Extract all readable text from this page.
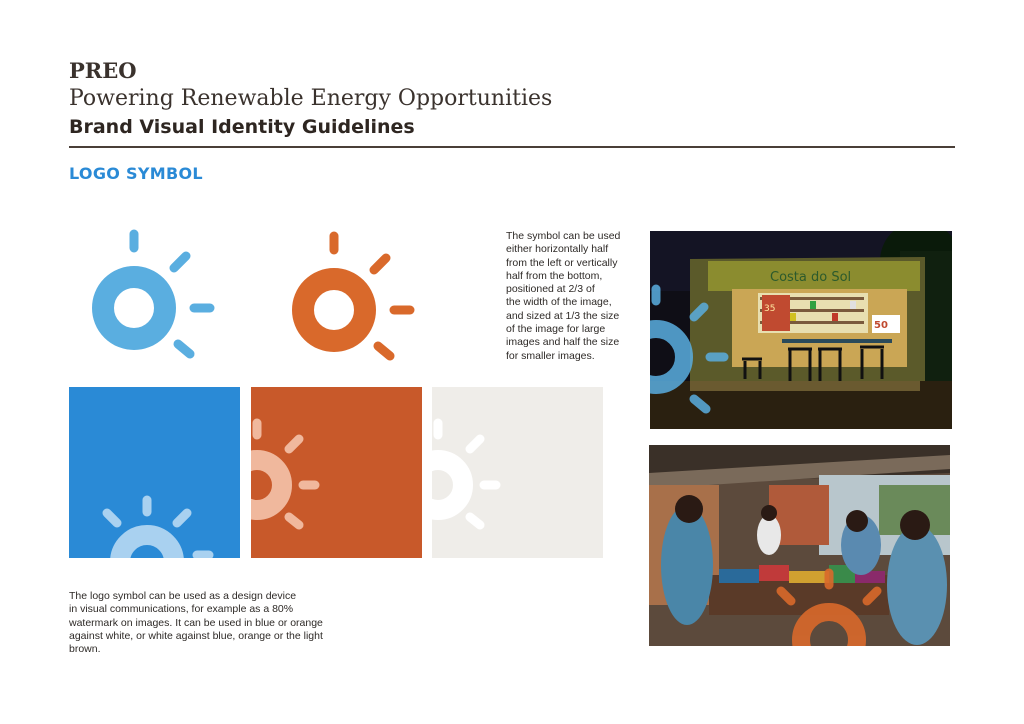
PREO
Powering Renewable Energy Opportunities
Brand Visual Identity Guidelines
LOGO SYMBOL
The symbol can be used
either horizontally half
from the left or vertically
half from the bottom,
positioned at 2/3 of
the width of the image,
and sized at 1/3 the size
of the image for large
images and half the size
for smaller images.
The logo symbol can be used as a design device
in visual communications, for example as a 80%
watermark on images. It can be used in blue or orange
against white, or white against blue, orange or the light
brown.
Costa do Sol
35
50
